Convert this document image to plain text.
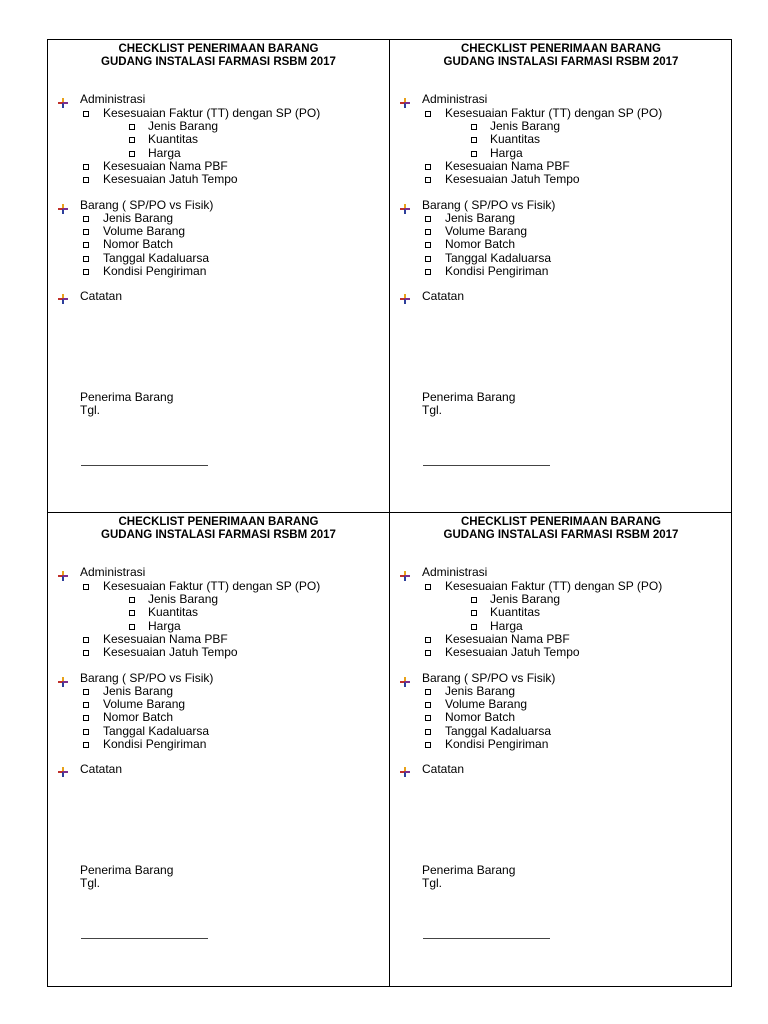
CHECKLIST PENERIMAAN BARANG
GUDANG INSTALASI FARMASI RSBM 2017
Administrasi
Kesesuaian Faktur (TT) dengan SP (PO)
Jenis Barang
Kuantitas
Harga
Kesesuaian Nama PBF
Kesesuaian Jatuh Tempo
Barang ( SP/PO vs Fisik)
Jenis Barang
Volume Barang
Nomor Batch
Tanggal Kadaluarsa
Kondisi Pengiriman
Catatan
Penerima Barang
Tgl.
CHECKLIST PENERIMAAN BARANG
GUDANG INSTALASI FARMASI RSBM 2017
Administrasi
Kesesuaian Faktur (TT) dengan SP (PO)
Jenis Barang
Kuantitas
Harga
Kesesuaian Nama PBF
Kesesuaian Jatuh Tempo
Barang ( SP/PO vs Fisik)
Jenis Barang
Volume Barang
Nomor Batch
Tanggal Kadaluarsa
Kondisi Pengiriman
Catatan
Penerima Barang
Tgl.
CHECKLIST PENERIMAAN BARANG
GUDANG INSTALASI FARMASI RSBM 2017
Administrasi
Kesesuaian Faktur (TT) dengan SP (PO)
Jenis Barang
Kuantitas
Harga
Kesesuaian Nama PBF
Kesesuaian Jatuh Tempo
Barang ( SP/PO vs Fisik)
Jenis Barang
Volume Barang
Nomor Batch
Tanggal Kadaluarsa
Kondisi Pengiriman
Catatan
Penerima Barang
Tgl.
CHECKLIST PENERIMAAN BARANG
GUDANG INSTALASI FARMASI RSBM 2017
Administrasi
Kesesuaian Faktur (TT) dengan SP (PO)
Jenis Barang
Kuantitas
Harga
Kesesuaian Nama PBF
Kesesuaian Jatuh Tempo
Barang ( SP/PO vs Fisik)
Jenis Barang
Volume Barang
Nomor Batch
Tanggal Kadaluarsa
Kondisi Pengiriman
Catatan
Penerima Barang
Tgl.
